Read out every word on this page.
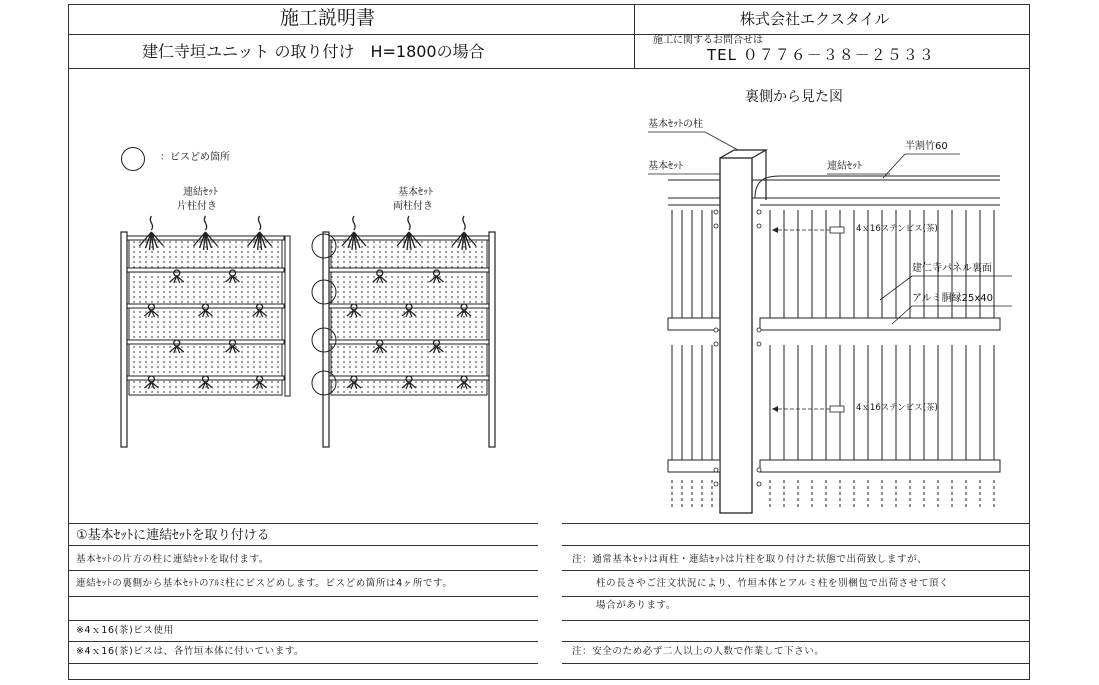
施工説明書
建仁寺垣ユニット の取り付け　H=1800の場合
株式会社エクスタイル
施工に関するお問合せは
TEL ０７７６－３８－２５３３
：ビスどめ箇所
連結ｾｯﾄ
片柱付き
基本ｾｯﾄ
両柱付き
裏側から見た図
基本ｾｯﾄの柱
基本ｾｯﾄ	連結ｾｯﾄ
半割竹60
4ｘ16ステンビス(茶)
建仁寺パネル裏面
アルミ胴縁25x40
4ｘ16ステンビス(茶)
①基本ｾｯﾄに連結ｾｯﾄを取り付ける
基本ｾｯﾄの片方の柱に連結ｾｯﾄを取付ます。
連結ｾｯﾄの裏側から基本ｾｯﾄのｱﾙﾐ柱にビスどめします。ビスどめ箇所は4ヶ所です。
※4ｘ16(茶)ビス使用
※4ｘ16(茶)ビスは、各竹垣本体に付いています。
注：通常基本ｾｯﾄは両柱・連結ｾｯﾄは片柱を取り付けた状態で出荷致しますが、
柱の長さやご注文状況により、竹垣本体とアルミ柱を別梱包で出荷させて頂く
場合があります。
注：安全のため必ず二人以上の人数で作業して下さい。
